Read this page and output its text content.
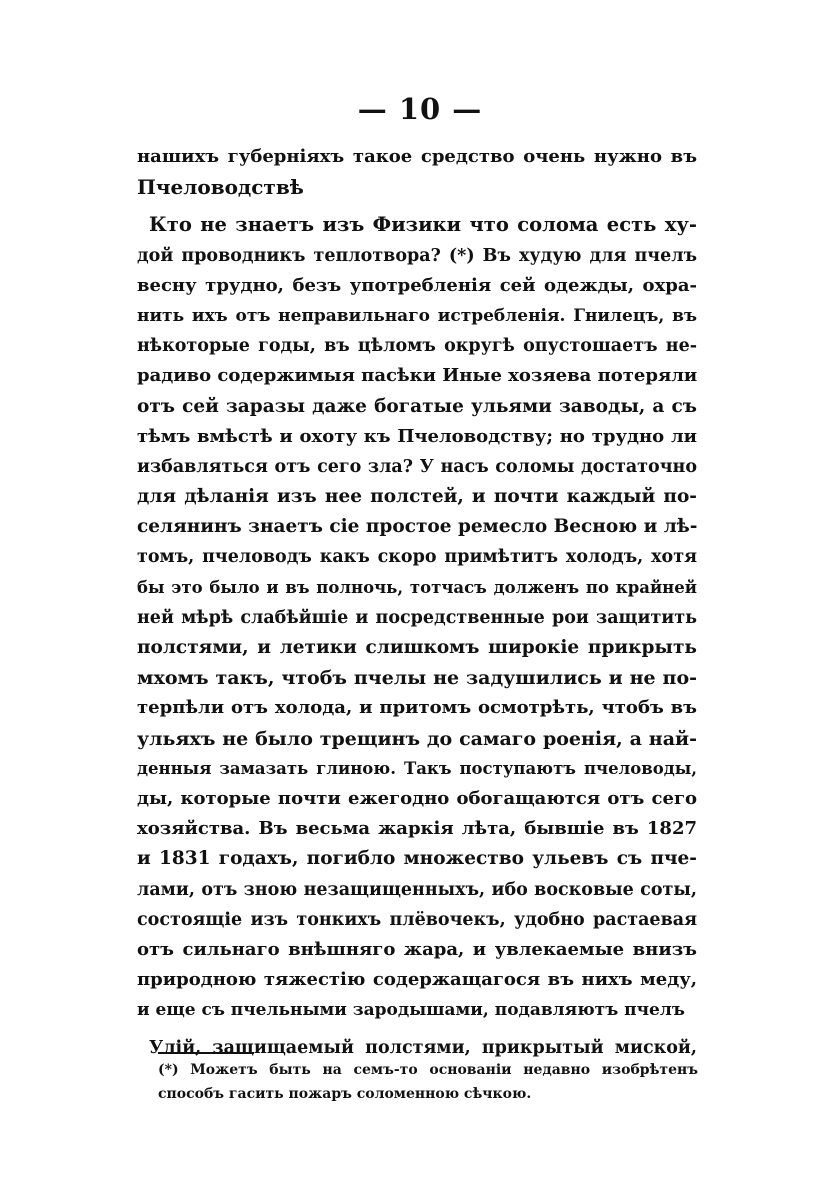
— 10 —
нашихъ губерніяхъ такое средство очень нужно въ
Пчеловодствѣ
Кто не знаетъ изъ Физики что солома есть ху-
дой проводникъ теплотвора? (*) Въ худую для пчелъ
весну трудно, безъ употребленія сей одежды, охра-
нить ихъ отъ неправильнаго истребленія. Гнилецъ, въ
нѣкоторые годы, въ цѣломъ округѣ опустошаетъ не-
радиво содержимыя пасѣки Иные хозяева потеряли
отъ сей заразы даже богатые ульями заводы, а съ
тѣмъ вмѣстѣ и охоту къ Пчеловодству; но трудно ли
избавляться отъ сего зла? У насъ соломы достаточно
для дѣланія изъ нее полстей, и почти каждый по-
селянинъ знаетъ сіе простое ремесло Весною и лѣ-
томъ, пчеловодъ какъ скоро примѣтитъ холодъ, хотя
бы это было и въ полночь, тотчасъ долженъ по крайней
ней мѣрѣ слабѣйшіе и посредственные рои защитить
полстями, и летики слишкомъ широкіе прикрыть
мхомъ такъ, чтобъ пчелы не задушились и не по-
терпѣли отъ холода, и притомъ осмотрѣть, чтобъ въ
ульяхъ не было трещинъ до самаго роенія, а най-
денныя замазать глиною. Такъ поступаютъ пчеловоды,
ды, которые почти ежегодно обогащаются отъ сего
хозяйства. Въ весьма жаркія лѣта, бывшіе въ 1827
и 1831 годахъ, погибло множество ульевъ съ пче-
лами, отъ зною незащищенныхъ, ибо восковые соты,
состоящіе изъ тонкихъ плёвочекъ, удобно растаевая
отъ сильнаго внѣшняго жара, и увлекаемые внизъ
природною тяжестію содержащагося въ нихъ меду,
и еще съ пчельными зародышами, подавляютъ пчелъ
Улій, защищаемый полстями, прикрытый миской,
(*) Можетъ быть на семъ-то основаніи недавно изобрѣтенъ
способъ гасить пожаръ соломенною сѣчкою.
